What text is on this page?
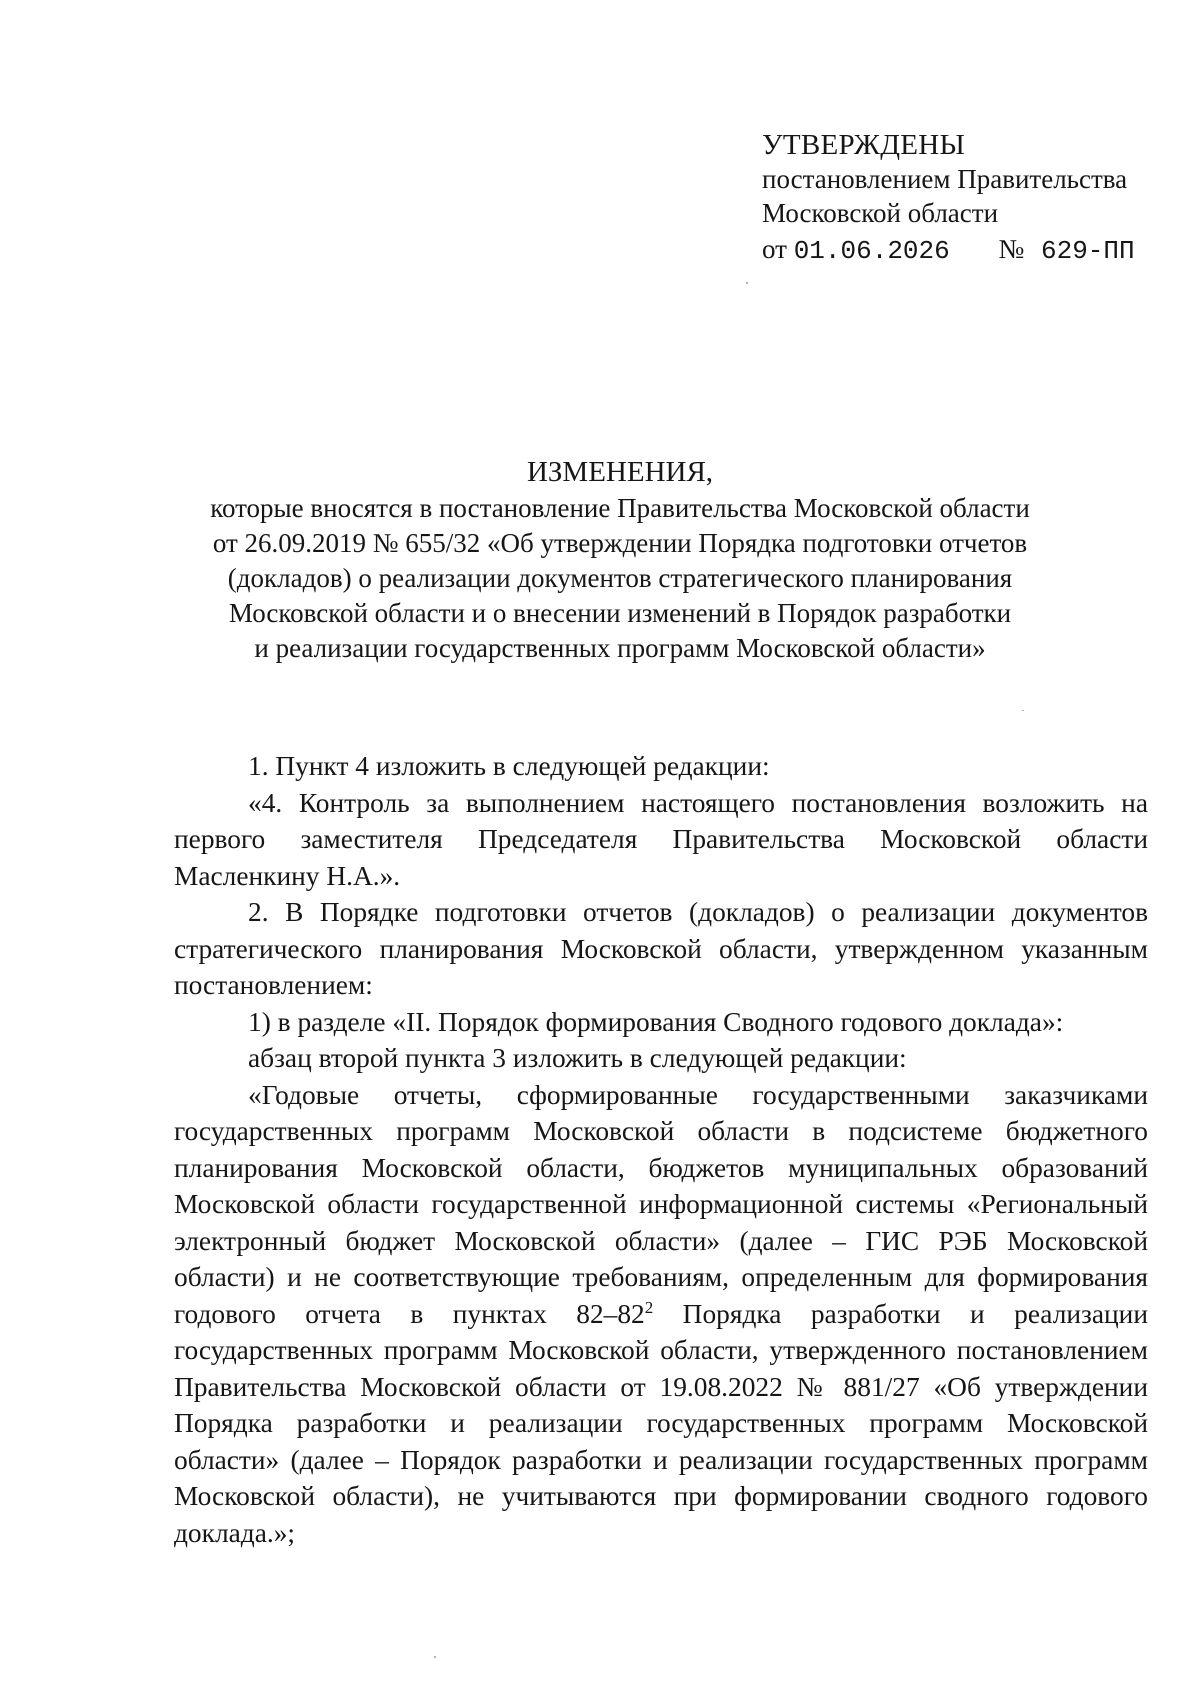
УТВЕРЖДЕНЫ
постановлением Правительства
Московской области
от 01.06.2026 № 629-ПП
ИЗМЕНЕНИЯ,
которые вносятся в постановление Правительства Московской области
от 26.09.2019 № 655/32 «Об утверждении Порядка подготовки отчетов
(докладов) о реализации документов стратегического планирования
Московской области и о внесении изменений в Порядок разработки
и реализации государственных программ Московской области»

1. Пункт 4 изложить в следующей редакции:

«4. Контроль за выполнением настоящего постановления возложить на первого заместителя Председателя Правительства Московской области Масленкину Н.А.».

2. В Порядке подготовки отчетов (докладов) о реализации документов стратегического планирования Московской области, утвержденном указанным постановлением:

1) в разделе «II. Порядок формирования Сводного годового доклада»:

абзац второй пункта 3 изложить в следующей редакции:

«Годовые отчеты, сформированные государственными заказчиками государственных программ Московской области в подсистеме бюджетного планирования Московской области, бюджетов муниципальных образований Московской области государственной информационной системы «Региональный электронный бюджет Московской области» (далее – ГИС РЭБ Московской области) и не соответствующие требованиям, определенным для формирования годового отчета в пунктах $82-82^2$ Порядка разработки и реализации государственных программ Московской области, утвержденного постановлением Правительства Московской области от 19.08.2022 № 881/27 «Об утверждении Порядка разработки и реализации государственных программ Московской области» (далее – Порядок разработки и реализации государственных программ Московской области), не учитываются при формировании сводного годового доклада.»;
